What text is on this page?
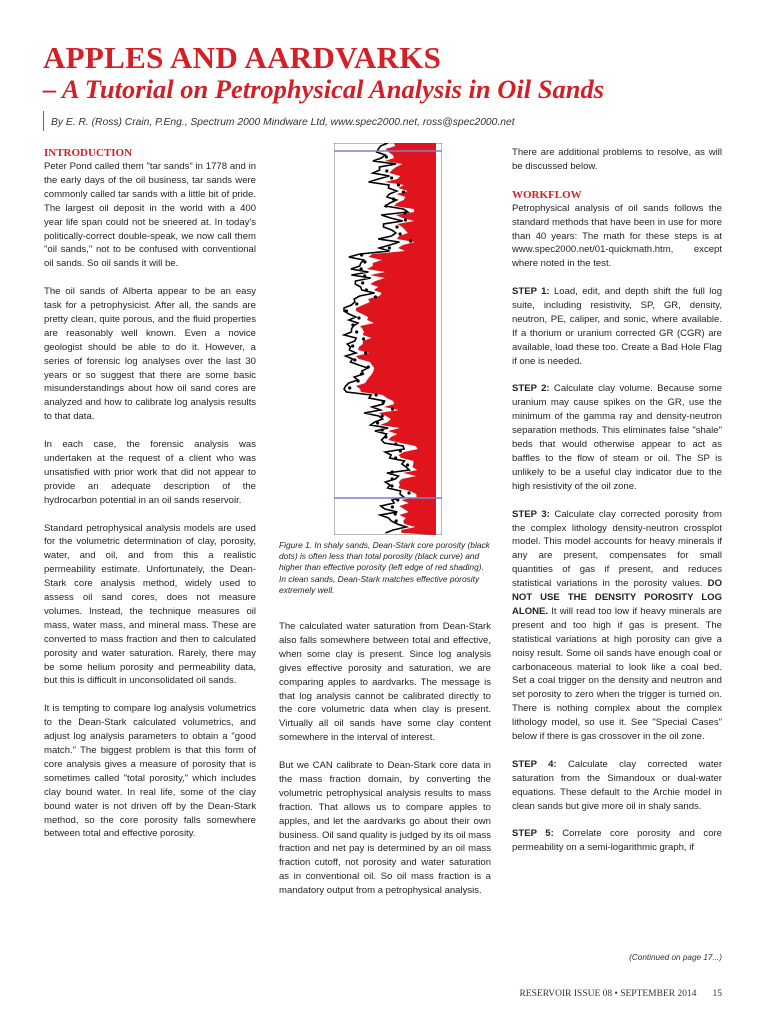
APPLES AND AARDVARKS
– A Tutorial on Petrophysical Analysis in Oil Sands
By E. R. (Ross) Crain, P.Eng., Spectrum 2000 Mindware Ltd, www.spec2000.net, ross@spec2000.net
INTRODUCTION

Peter Pond called them "tar sands" in 1778 and in the early days of the oil business, tar sands were commonly called tar sands with a little bit of pride. The largest oil deposit in the world with a 400 year life span could not be sneered at. In today's politically-correct double-speak, we now call them "oil sands," not to be confused with conventional oil sands. So oil sands it will be.

The oil sands of Alberta appear to be an easy task for a petrophysicist. After all, the sands are pretty clean, quite porous, and the fluid properties are reasonably well known. Even a novice geologist should be able to do it. However, a series of forensic log analyses over the last 30 years or so suggest that there are some basic misunderstandings about how oil sand cores are analyzed and how to calibrate log analysis results to that data.

In each case, the forensic analysis was undertaken at the request of a client who was unsatisfied with prior work that did not appear to provide an adequate description of the hydrocarbon potential in an oil sands reservoir.

Standard petrophysical analysis models are used for the volumetric determination of clay, porosity, water, and oil, and from this a realistic permeability estimate. Unfortunately, the Dean-Stark core analysis method, widely used to assess oil sand cores, does not measure volumes. Instead, the technique measures oil mass, water mass, and mineral mass. These are converted to mass fraction and then to calculated porosity and water saturation. Rarely, there may be some helium porosity and permeability data, but this is difficult in unconsolidated oil sands.

It is tempting to compare log analysis volumetrics to the Dean-Stark calculated volumetrics, and adjust log analysis parameters to obtain a "good match." The biggest problem is that this form of core analysis gives a measure of porosity that is sometimes called "total porosity," which includes clay bound water. In real life, some of the clay bound water is not driven off by the Dean-Stark method, so the core porosity falls somewhere between total and effective porosity.

Figure 1. In shaly sands, Dean-Stark core porosity (black dots) is often less than total porosity (black curve) and higher than effective porosity (left edge of red shading). In clean sands, Dean-Stark matches effective porosity extremely well.

The calculated water saturation from Dean-Stark also falls somewhere between total and effective, when some clay is present. Since log analysis gives effective porosity and saturation, we are comparing apples to aardvarks. The message is that log analysis cannot be calibrated directly to the core volumetric data when clay is present. Virtually all oil sands have some clay content somewhere in the interval of interest.

But we CAN calibrate to Dean-Stark core data in the mass fraction domain, by converting the volumetric petrophysical analysis results to mass fraction. That allows us to compare apples to apples, and let the aardvarks go about their own business. Oil sand quality is judged by its oil mass fraction and net pay is determined by an oil mass fraction cutoff, not porosity and water saturation as in conventional oil. So oil mass fraction is a mandatory output from a petrophysical analysis.

There are additional problems to resolve, as will be discussed below.

WORKFLOW

Petrophysical analysis of oil sands follows the standard methods that have been in use for more than 40 years: The math for these steps is at www.spec2000.net/01-quickmath.htm, except where noted in the test.

STEP 1: Load, edit, and depth shift the full log suite, including resistivity, SP, GR, density, neutron, PE, caliper, and sonic, where available. If a thorium or uranium corrected GR (CGR) are available, load these too. Create a Bad Hole Flag if one is needed.

STEP 2: Calculate clay volume. Because some uranium may cause spikes on the GR, use the minimum of the gamma ray and density-neutron separation methods. This eliminates false "shale" beds that would otherwise appear to act as baffles to the flow of steam or oil. The SP is unlikely to be a useful clay indicator due to the high resistivity of the oil zone.

STEP 3: Calculate clay corrected porosity from the complex lithology density-neutron crossplot model. This model accounts for heavy minerals if any are present, compensates for small quantities of gas if present, and reduces statistical variations in the porosity values. DO NOT USE THE DENSITY POROSITY LOG ALONE. It will read too low if heavy minerals are present and too high if gas is present. The statistical variations at high porosity can give a noisy result. Some oil sands have enough coal or carbonaceous material to look like a coal bed. Set a coal trigger on the density and neutron and set porosity to zero when the trigger is turned on. There is nothing complex about the complex lithology model, so use it. See "Special Cases" below if there is gas crossover in the oil zone.

STEP 4: Calculate clay corrected water saturation from the Simandoux or dual-water equations. These default to the Archie model in clean sands but give more oil in shaly sands.

STEP 5: Correlate core porosity and core permeability on a semi-logarithmic graph, if

(Continued on page 17...)
RESERVOIR ISSUE 08 • SEPTEMBER 2014 15
